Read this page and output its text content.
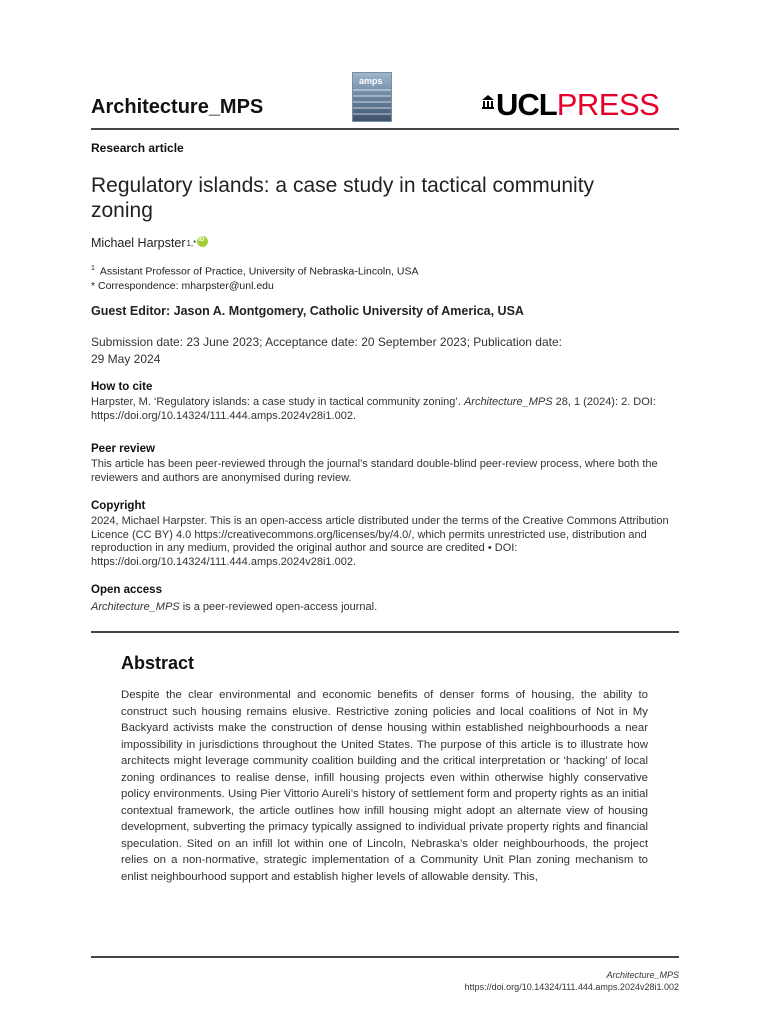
Architecture_MPS
amps
UCL PRESS
Research article
Regulatory islands: a case study in tactical community zoning
Michael Harpster 1,*
iD
$^1$ Assistant Professor of Practice, University of Nebraska-Lincoln, USA
* Correspondence: mharpster@unl.edu
Guest Editor: Jason A. Montgomery, Catholic University of America, USA
Submission date: 23 June 2023; Acceptance date: 20 September 2023; Publication date:
29 May 2024
How to cite
Harpster, M. ‘Regulatory islands: a case study in tactical community zoning’. Architecture_MPS 28, 1 (2024): 2. DOI: https://doi.org/10.14324/111.444.amps.2024v28i1.002.
Peer review
This article has been peer-reviewed through the journal’s standard double-blind peer-review process, where both the reviewers and authors are anonymised during review.
Copyright
2024, Michael Harpster. This is an open-access article distributed under the terms of the Creative Commons Attribution Licence (CC BY) 4.0 https://creativecommons.org/licenses/by/4.0/, which permits unrestricted use, distribution and reproduction in any medium, provided the original author and source are credited • DOI: https://doi.org/10.14324/111.444.amps.2024v28i1.002.
Open access
Architecture_MPS is a peer-reviewed open-access journal.
Abstract
Despite the clear environmental and economic benefits of denser forms of housing, the ability to construct such housing remains elusive. Restrictive zoning policies and local coalitions of Not in My Backyard activists make the construction of dense housing within established neighbourhoods a near impossibility in jurisdictions throughout the United States. The purpose of this article is to illustrate how architects might leverage community coalition building and the critical interpretation or ‘hacking’ of local zoning ordinances to realise dense, infill housing projects even within otherwise highly conservative policy environments. Using Pier Vittorio Aureli’s history of settlement form and property rights as an initial contextual framework, the article outlines how infill housing might adopt an alternate view of housing development, subverting the primacy typically assigned to individual private property rights and financial speculation. Sited on an infill lot within one of Lincoln, Nebraska’s older neighbourhoods, the project relies on a non-normative, strategic implementation of a Community Unit Plan zoning mechanism to enlist neighbourhood support and establish higher levels of allowable density. This,
Architecture_MPS
https://doi.org/10.14324/111.444.amps.2024v28i1.002
